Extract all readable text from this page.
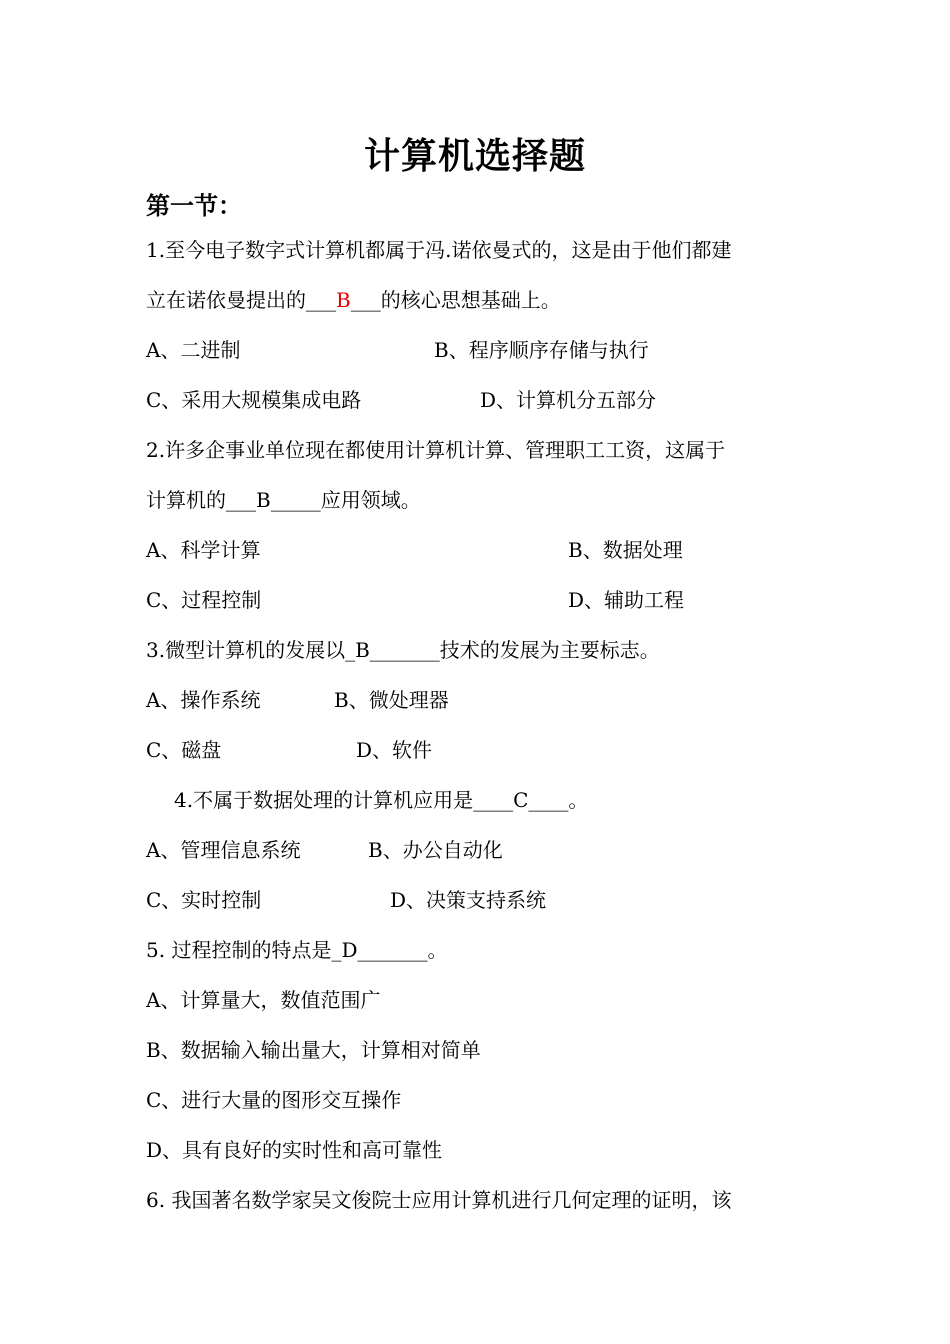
计算机选择题
第一节：
1.至今电子数字式计算机都属于冯.诺依曼式的，这是由于他们都建
立在诺依曼提出的___B___的核心思想基础上。
A、二进制	B、程序顺序存储与执行
C、采用大规模集成电路	D、计算机分五部分
2.许多企事业单位现在都使用计算机计算、管理职工工资，这属于
计算机的___B_____应用领域。
A、科学计算	B、数据处理
C、过程控制	D、辅助工程
3.微型计算机的发展以_B_______技术的发展为主要标志。
A、操作系统	B、微处理器
C、磁盘	D、软件
4.不属于数据处理的计算机应用是____C____。
A、管理信息系统	B、办公自动化
C、实时控制	D、决策支持系统
5. 过程控制的特点是_D_______。
A、计算量大，数值范围广
B、数据输入输出量大，计算相对简单
C、进行大量的图形交互操作
D、具有良好的实时性和高可靠性
6. 我国著名数学家吴文俊院士应用计算机进行几何定理的证明，该
